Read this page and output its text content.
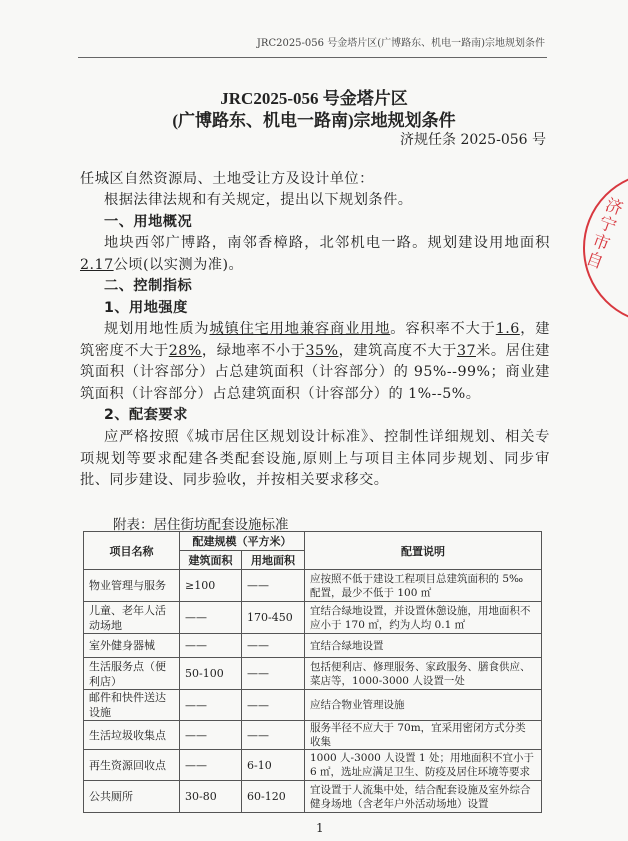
JRC2025-056 号金塔片区(广博路东、机电一路南)宗地规划条件
JRC2025-056 号金塔片区
(广博路东、机电一路南)宗地规划条件
济规任条 2025-056 号
任城区自然资源局、土地受让方及设计单位：
根据法律法规和有关规定，提出以下规划条件。
一、用地概况
地块西邻广博路，南邻香樟路，北邻机电一路。规划建设用地面积2.17公顷(以实测为准)。
二、控制指标
1、用地强度
规划用地性质为城镇住宅用地兼容商业用地。容积率不大于1.6，建筑密度不大于28%，绿地率不小于35%，建筑高度不大于37米。居住建筑面积（计容部分）占总建筑面积（计容部分）的 95%--99%；商业建筑面积（计容部分）占总建筑面积（计容部分）的 1%--5%。
2、配套要求
应严格按照《城市居住区规划设计标准》、控制性详细规划、相关专项规划等要求配建各类配套设施,原则上与项目主体同步规划、同步审批、同步建设、同步验收，并按相关要求移交。
附表：居住街坊配套设施标准
项目名称	配建规模（平方米）		配置说明
	建筑面积	用地面积	
物业管理与服务	≥100	——	应按照不低于建设工程项目总建筑面积的 5‰ 配置，最少不低于 100 ㎡
儿童、老年人活动场地	——	170-450	宜结合绿地设置，并设置休憩设施，用地面积不应小于 170 ㎡，约为人均 0.1 ㎡
室外健身器械	——	——	宜结合绿地设置
生活服务点（便利店）	50-100	——	包括便利店、修理服务、家政服务、膳食供应、菜店等，1000-3000 人设置一处
邮件和快件送达设施	——	——	应结合物业管理设施
生活垃圾收集点	——	——	服务半径不应大于 70m，宜采用密闭方式分类收集
再生资源回收点	——	6-10	1000 人-3000 人设置 1 处；用地面积不宜小于 6 ㎡，选址应满足卫生、防疫及居住环境等要求
公共厕所	30-80	60-120	宜设置于人流集中处，结合配套设施及室外综合健身场地（含老年户外活动场地）设置
1
济宁市自
